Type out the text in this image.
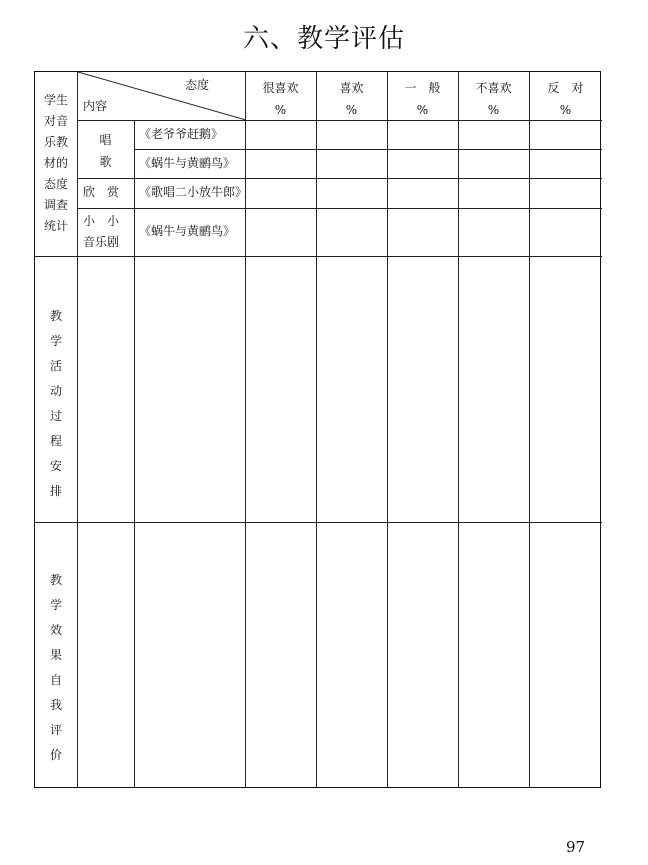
六、教学评估
态度
内容
学生
对音
乐教
材的
态度
调查
统计
很喜欢
%
喜欢
%
一　般
%
不喜欢
%
反　对
%
唱
歌
《老爷爷赶鹅》
《蜗牛与黄鹂鸟》
欣　赏 《歌唱二小放牛郎》
小　小
音乐剧
《蜗牛与黄鹂鸟》
教
学
活
动
过
程
安
排
教
学
效
果
自
我
评
价
97
